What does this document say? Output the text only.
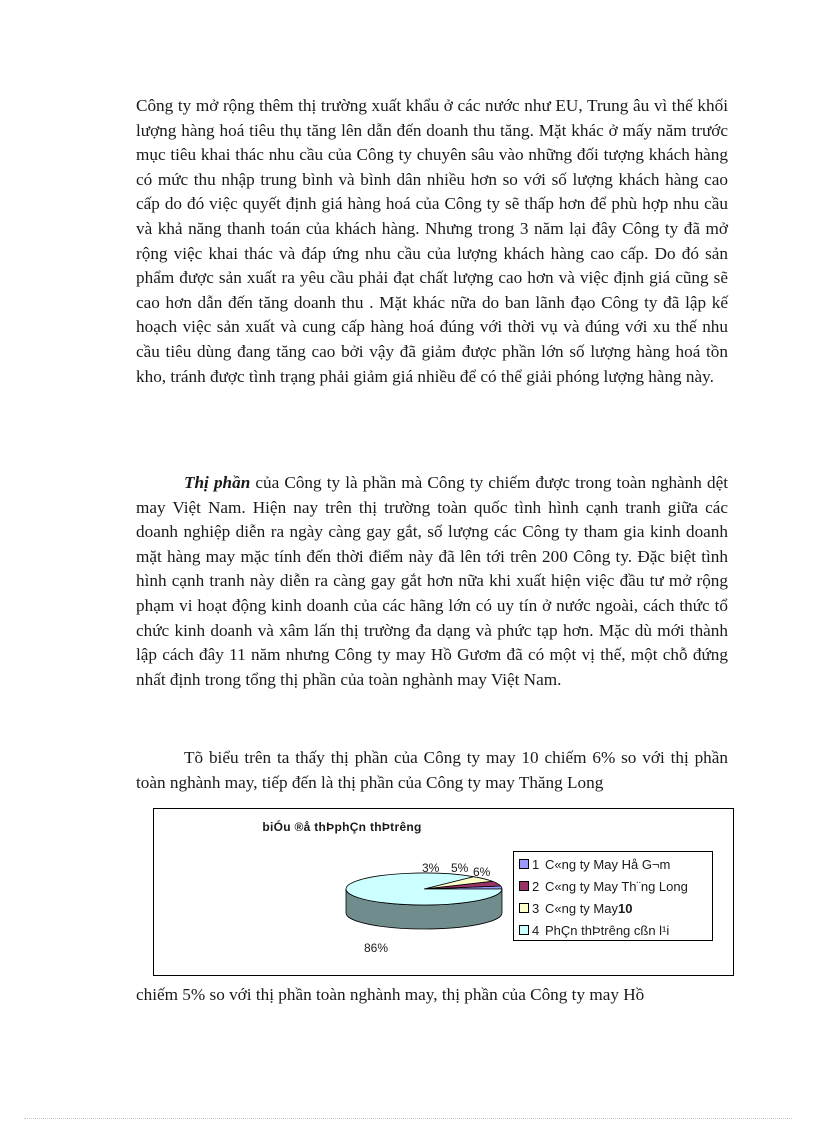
Công ty mở rộng thêm thị trường xuất khẩu ở các nước như EU, Trung âu vì thế khối lượng hàng hoá tiêu thụ tăng lên dẫn đến doanh thu tăng. Mặt khác ở mấy năm trước mục tiêu khai thác nhu cầu của Công ty chuyên sâu vào những đối tượng khách hàng có mức thu nhập trung bình và bình dân nhiều hơn so với số lượng khách hàng cao cấp do đó việc quyết định giá hàng hoá của Công ty sẽ thấp hơn để phù hợp nhu cầu và khả năng thanh toán của khách hàng. Nhưng trong 3 năm lại đây Công ty đã mở rộng việc khai thác và đáp ứng nhu cầu của lượng khách hàng cao cấp. Do đó sản phẩm được sản xuất ra yêu cầu phải đạt chất lượng cao hơn và việc định giá cũng sẽ cao hơn dẫn đến tăng doanh thu . Mặt khác nữa do ban lãnh đạo Công ty đã lập kế hoạch việc sản xuất và cung cấp hàng hoá đúng với thời vụ và đúng với xu thế nhu cầu tiêu dùng đang tăng cao bởi vậy đã giảm được phần lớn số lượng hàng hoá tồn kho, tránh được tình trạng phải giảm giá nhiều để có thể giải phóng lượng hàng này.

Thị phần của Công ty là phần mà Công ty chiếm được trong toàn nghành dệt may Việt Nam. Hiện nay trên thị trường toàn quốc tình hình cạnh tranh giữa các doanh nghiệp diễn ra ngày càng gay gắt, số lượng các Công ty tham gia kinh doanh mặt hàng may mặc tính đến thời điểm này đã lên tới trên 200 Công ty. Đặc biệt tình hình cạnh tranh này diễn ra càng gay gắt hơn nữa khi xuất hiện việc đầu tư mở rộng phạm vi hoạt động kinh doanh của các hãng lớn có uy tín ở nước ngoài, cách thức tổ chức kinh doanh và xâm lấn thị trường đa dạng và phức tạp hơn. Mặc dù mới thành lập cách đây 11 năm nhưng Công ty may Hồ Gươm đã có một vị thế, một chỗ đứng nhất định trong tổng thị phần của toàn nghành may Việt Nam.

Tõ biểu trên ta thấy thị phần của Công ty may 10 chiếm 6% so với thị phần toàn nghành may, tiếp đến là thị phần của Công ty may Thăng Long

biÓu ®å thÞphÇn thÞtrêng
3% 5% 6%
86%
1 C«ng ty May Hå G¬m
2 C«ng ty May Th¨ng Long
3 C«ng ty May 10
4 PhÇn thÞtrêng cßn l¹i

chiếm 5% so với thị phần toàn nghành may, thị phần của Công ty may Hồ
